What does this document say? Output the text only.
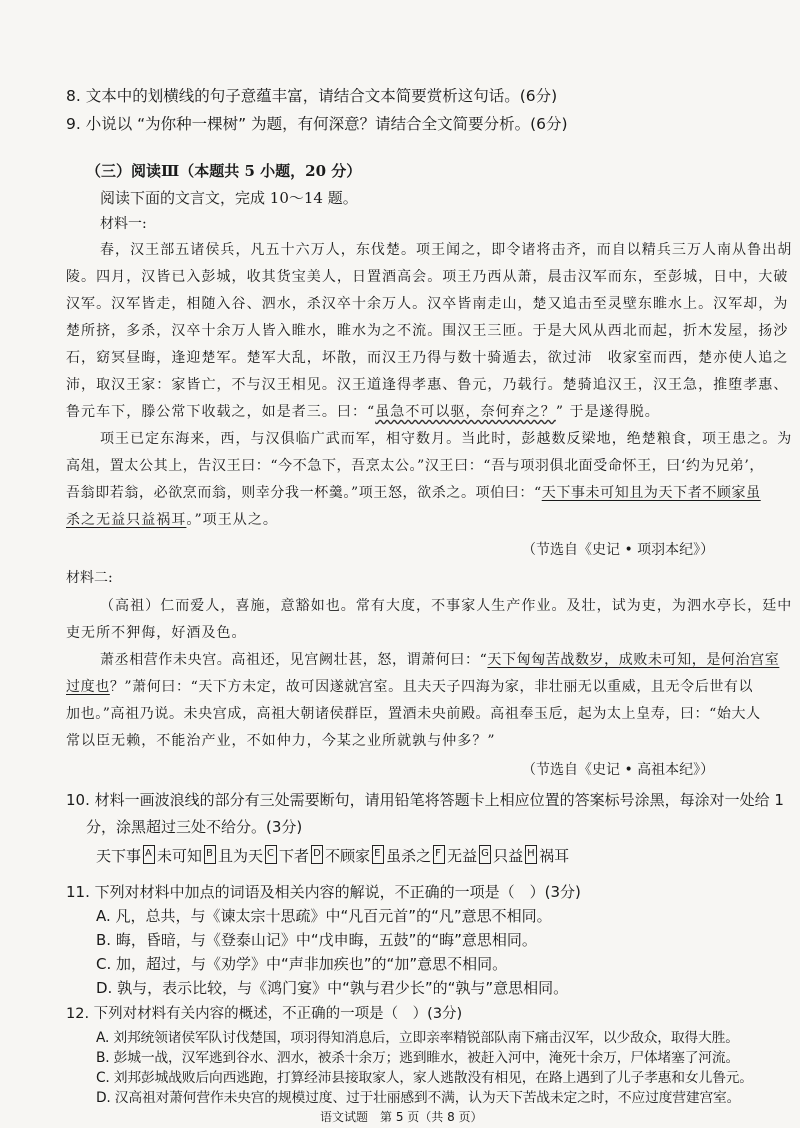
8. 文本中的划横线的句子意蕴丰富，请结合文本简要赏析这句话。(6分)
9. 小说以 “为你种一棵树” 为题，有何深意？请结合全文简要分析。(6分)
（三）阅读Ⅲ（本题共 5 小题，20 分）
阅读下面的文言文，完成 10～14 题。
材料一:
春，汉王部五诸侯兵，凡五十六万人，东伐楚。项王闻之，即令诸将击齐，而自以精兵三万人南从鲁出胡
陵。四月，汉皆已入彭城，收其货宝美人，日置酒高会。项王乃西从萧，晨击汉军而东，至彭城，日中，大破
汉军。汉军皆走，相随入谷、泗水，杀汉卒十余万人。汉卒皆南走山，楚又追击至灵壁东睢水上。汉军却，为
楚所挤，多杀，汉卒十余万人皆入睢水，睢水为之不流。围汉王三匝。于是大风从西北而起，折木发屋，扬沙
石，窈冥昼晦，逢迎楚军。楚军大乱，坏散，而汉王乃得与数十骑遁去，欲过沛　收家室而西，楚亦使人追之
沛，取汉王家：家皆亡，不与汉王相见。汉王道逢得孝惠、鲁元，乃载行。楚骑追汉王，汉王急，推堕孝惠、
鲁元车下，滕公常下收载之，如是者三。曰：“虽急不可以驱，奈何弃之？” 于是遂得脱。
项王已定东海来，西，与汉俱临广武而军，相守数月。当此时，彭越数反梁地，绝楚粮食，项王患之。为
高俎，置太公其上，告汉王曰：“今不急下，吾烹太公。”汉王曰：“吾与项羽俱北面受命怀王，曰‘约为兄弟’，
吾翁即若翁，必欲烹而翁，则幸分我一杯羹。”项王怒，欲杀之。项伯曰：“天下事未可知且为天下者不顾家虽
杀之无益只益祸耳。”项王从之。
（节选自《史记 • 项羽本纪》）
材料二:
（高祖）仁而爱人，喜施，意豁如也。常有大度，不事家人生产作业。及壮，试为吏，为泗水亭长，廷中
吏无所不狎侮，好酒及色。
萧丞相营作未央宫。高祖还，见宫阙壮甚，怒，谓萧何曰：“天下匈匈苦战数岁，成败未可知，是何治宫室
过度也？”萧何曰：“天下方未定，故可因遂就宫室。且夫天子四海为家，非壮丽无以重威，且无令后世有以
加也。”高祖乃说。未央宫成，高祖大朝诸侯群臣，置酒未央前殿。高祖奉玉卮，起为太上皇寿，曰：“始大人
常以臣无赖，不能治产业，不如仲力，今某之业所就孰与仲多？”
（节选自《史记 • 高祖本纪》）
10. 材料一画波浪线的部分有三处需要断句，请用铅笔将答题卡上相应位置的答案标号涂黑，每涂对一处给 1
分，涂黑超过三处不给分。(3分)
天下事 A 未可知 B 且为天 C 下者 D 不顾家 E 虽杀之 F 无益 G 只益 H 祸耳
11. 下列对材料中加点的词语及相关内容的解说，不正确的一项是（　）(3分)
A. 凡，总共，与《谏太宗十思疏》中“凡百元首”的“凡”意思不相同。
B. 晦，昏暗，与《登泰山记》中“戊申晦，五鼓”的“晦”意思相同。
C. 加，超过，与《劝学》中“声非加疾也”的“加”意思不相同。
D. 孰与，表示比较，与《鸿门宴》中“孰与君少长”的“孰与”意思相同。
12. 下列对材料有关内容的概述，不正确的一项是（　）(3分)
A. 刘邦统领诸侯军队讨伐楚国，项羽得知消息后，立即亲率精锐部队南下痛击汉军，以少敌众，取得大胜。
B. 彭城一战，汉军逃到谷水、泗水，被杀十余万；逃到睢水，被赶入河中，淹死十余万，尸体堵塞了河流。
C. 刘邦彭城战败后向西逃跑，打算经沛县接取家人，家人逃散没有相见，在路上遇到了儿子孝惠和女儿鲁元。
D. 汉高祖对萧何营作未央宫的规模过度、过于壮丽感到不满，认为天下苦战未定之时，不应过度营建宫室。
语文试题　第 5 页（共 8 页）
